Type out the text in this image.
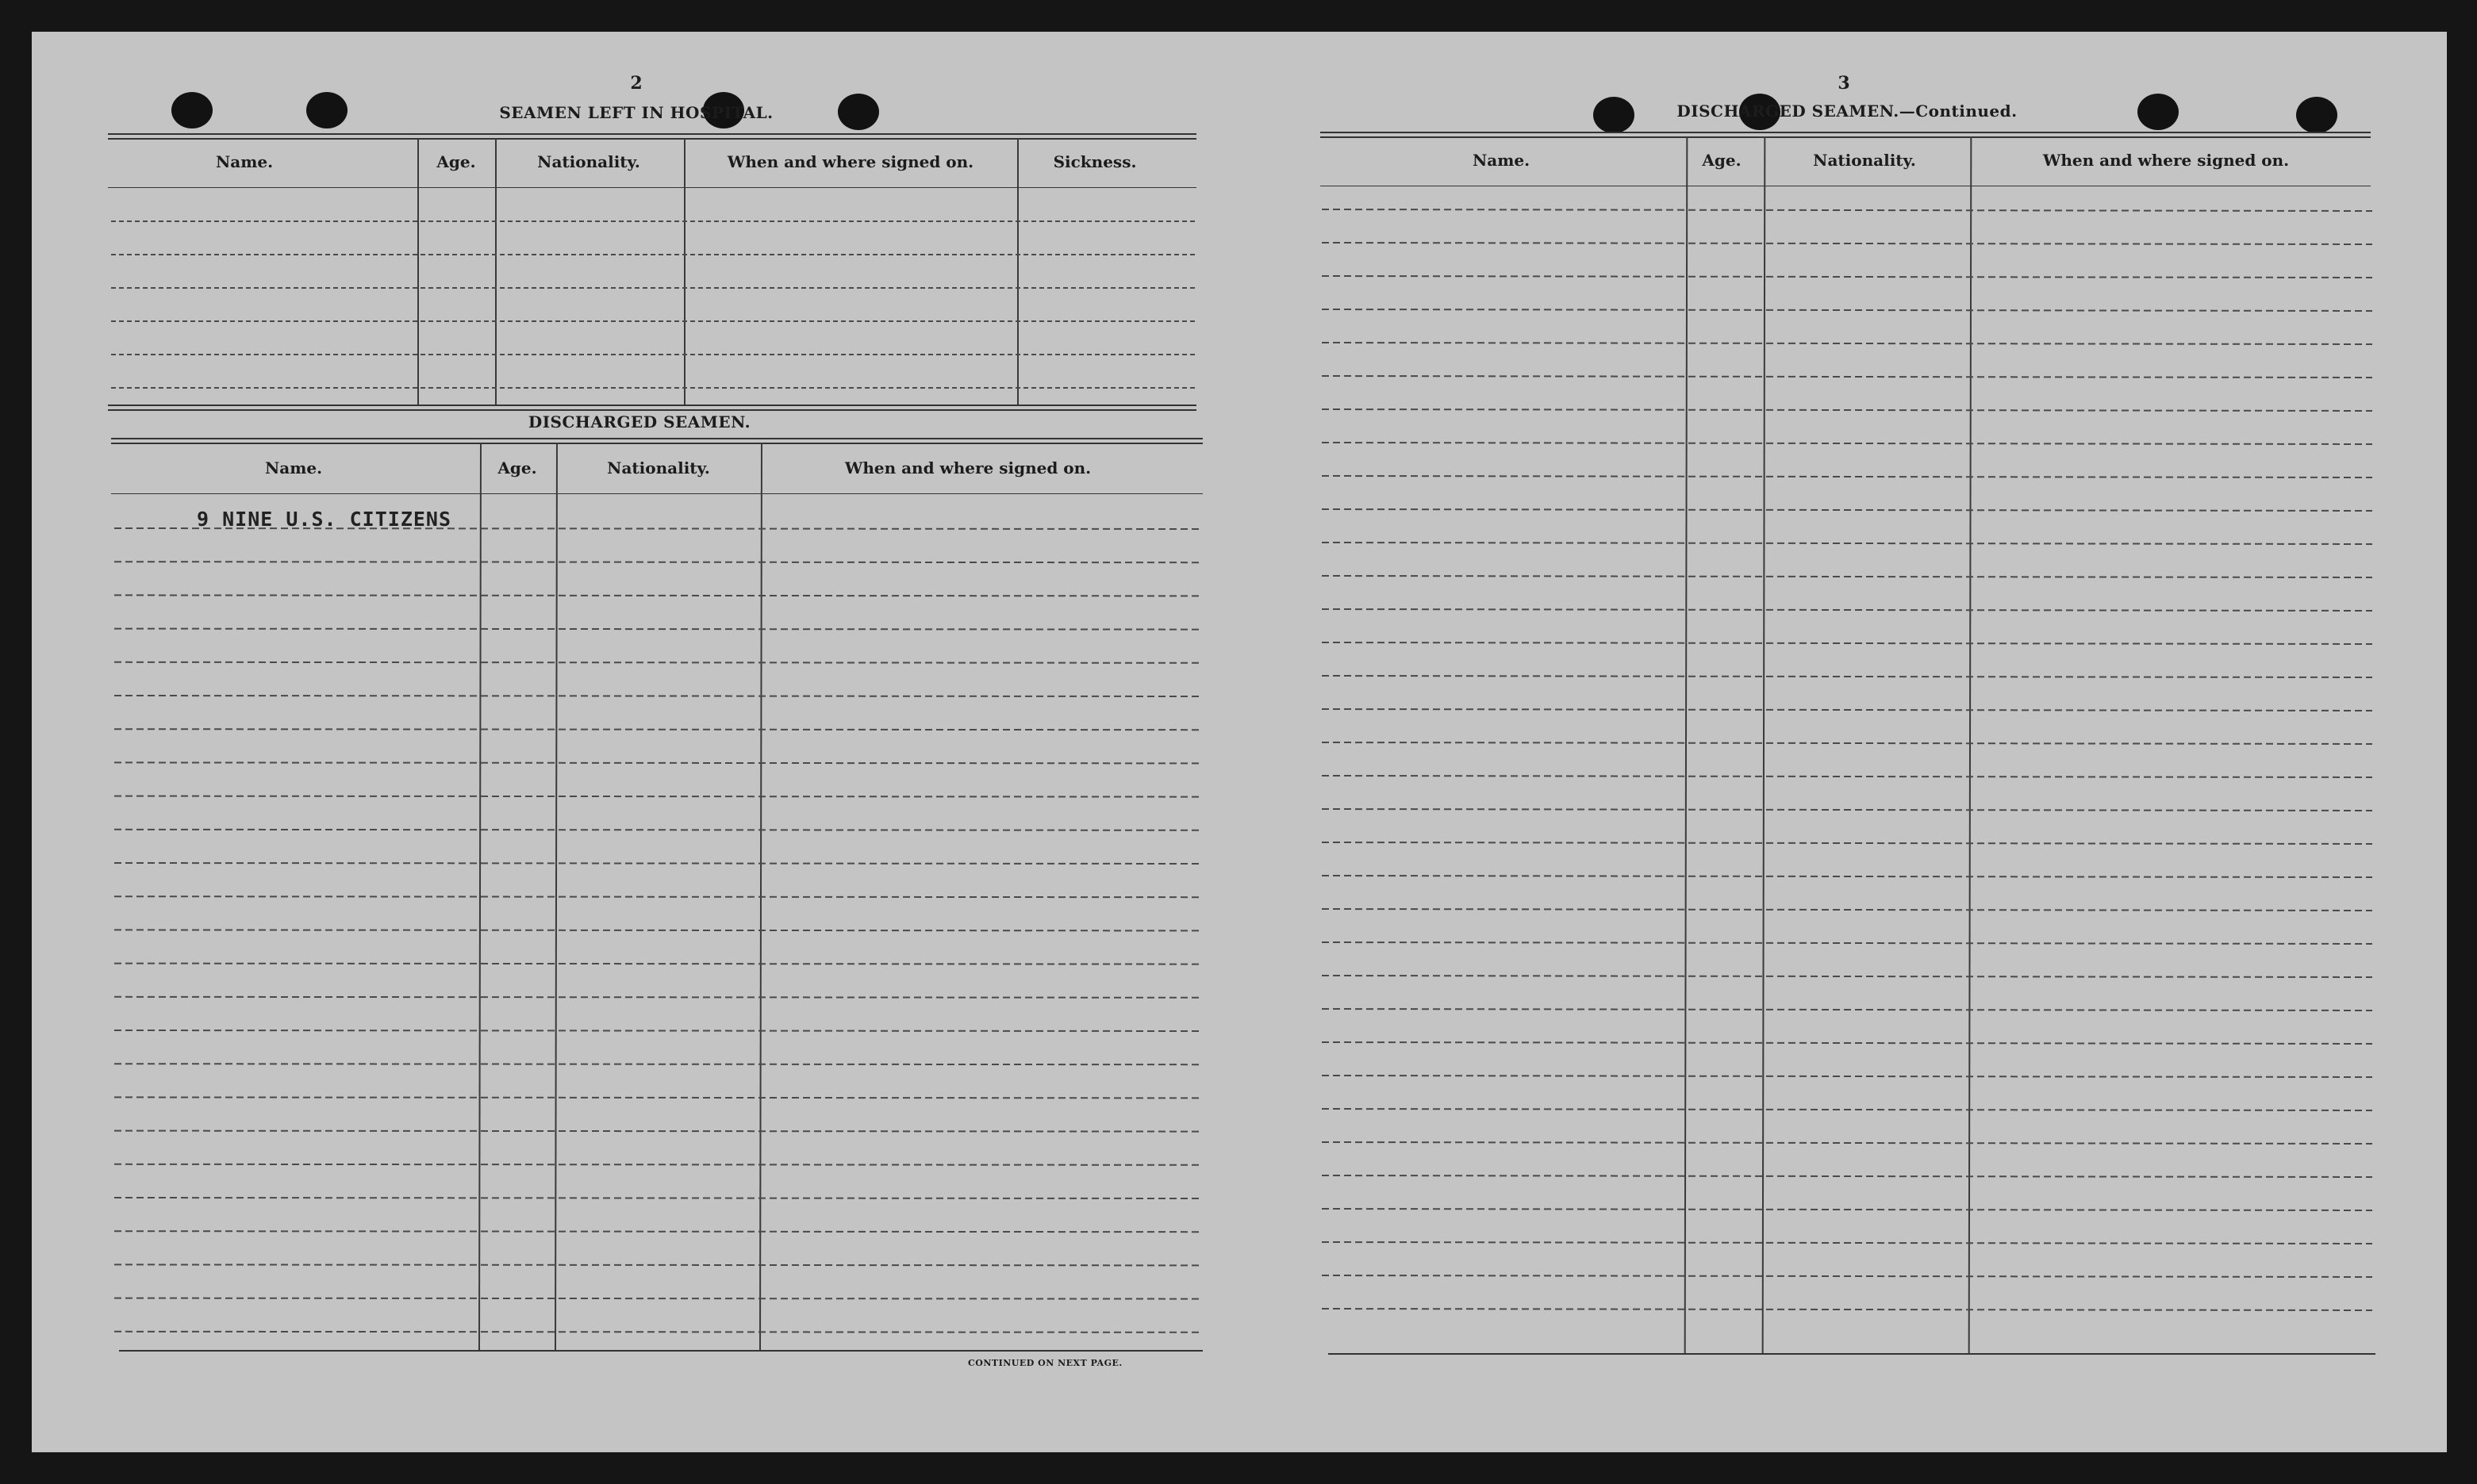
2
SEAMEN LEFT IN HOSPITAL.
Name.	Age.	Nationality.	When and where signed on.	Sickness.
DISCHARGED SEAMEN.
Name.	Age.	Nationality.	When and where signed on.
9 NINE U.S. CITIZENS
CONTINUED ON NEXT PAGE.
3
DISCHARGED SEAMEN.—Continued.
Name.	Age.	Nationality.	When and where signed on.
